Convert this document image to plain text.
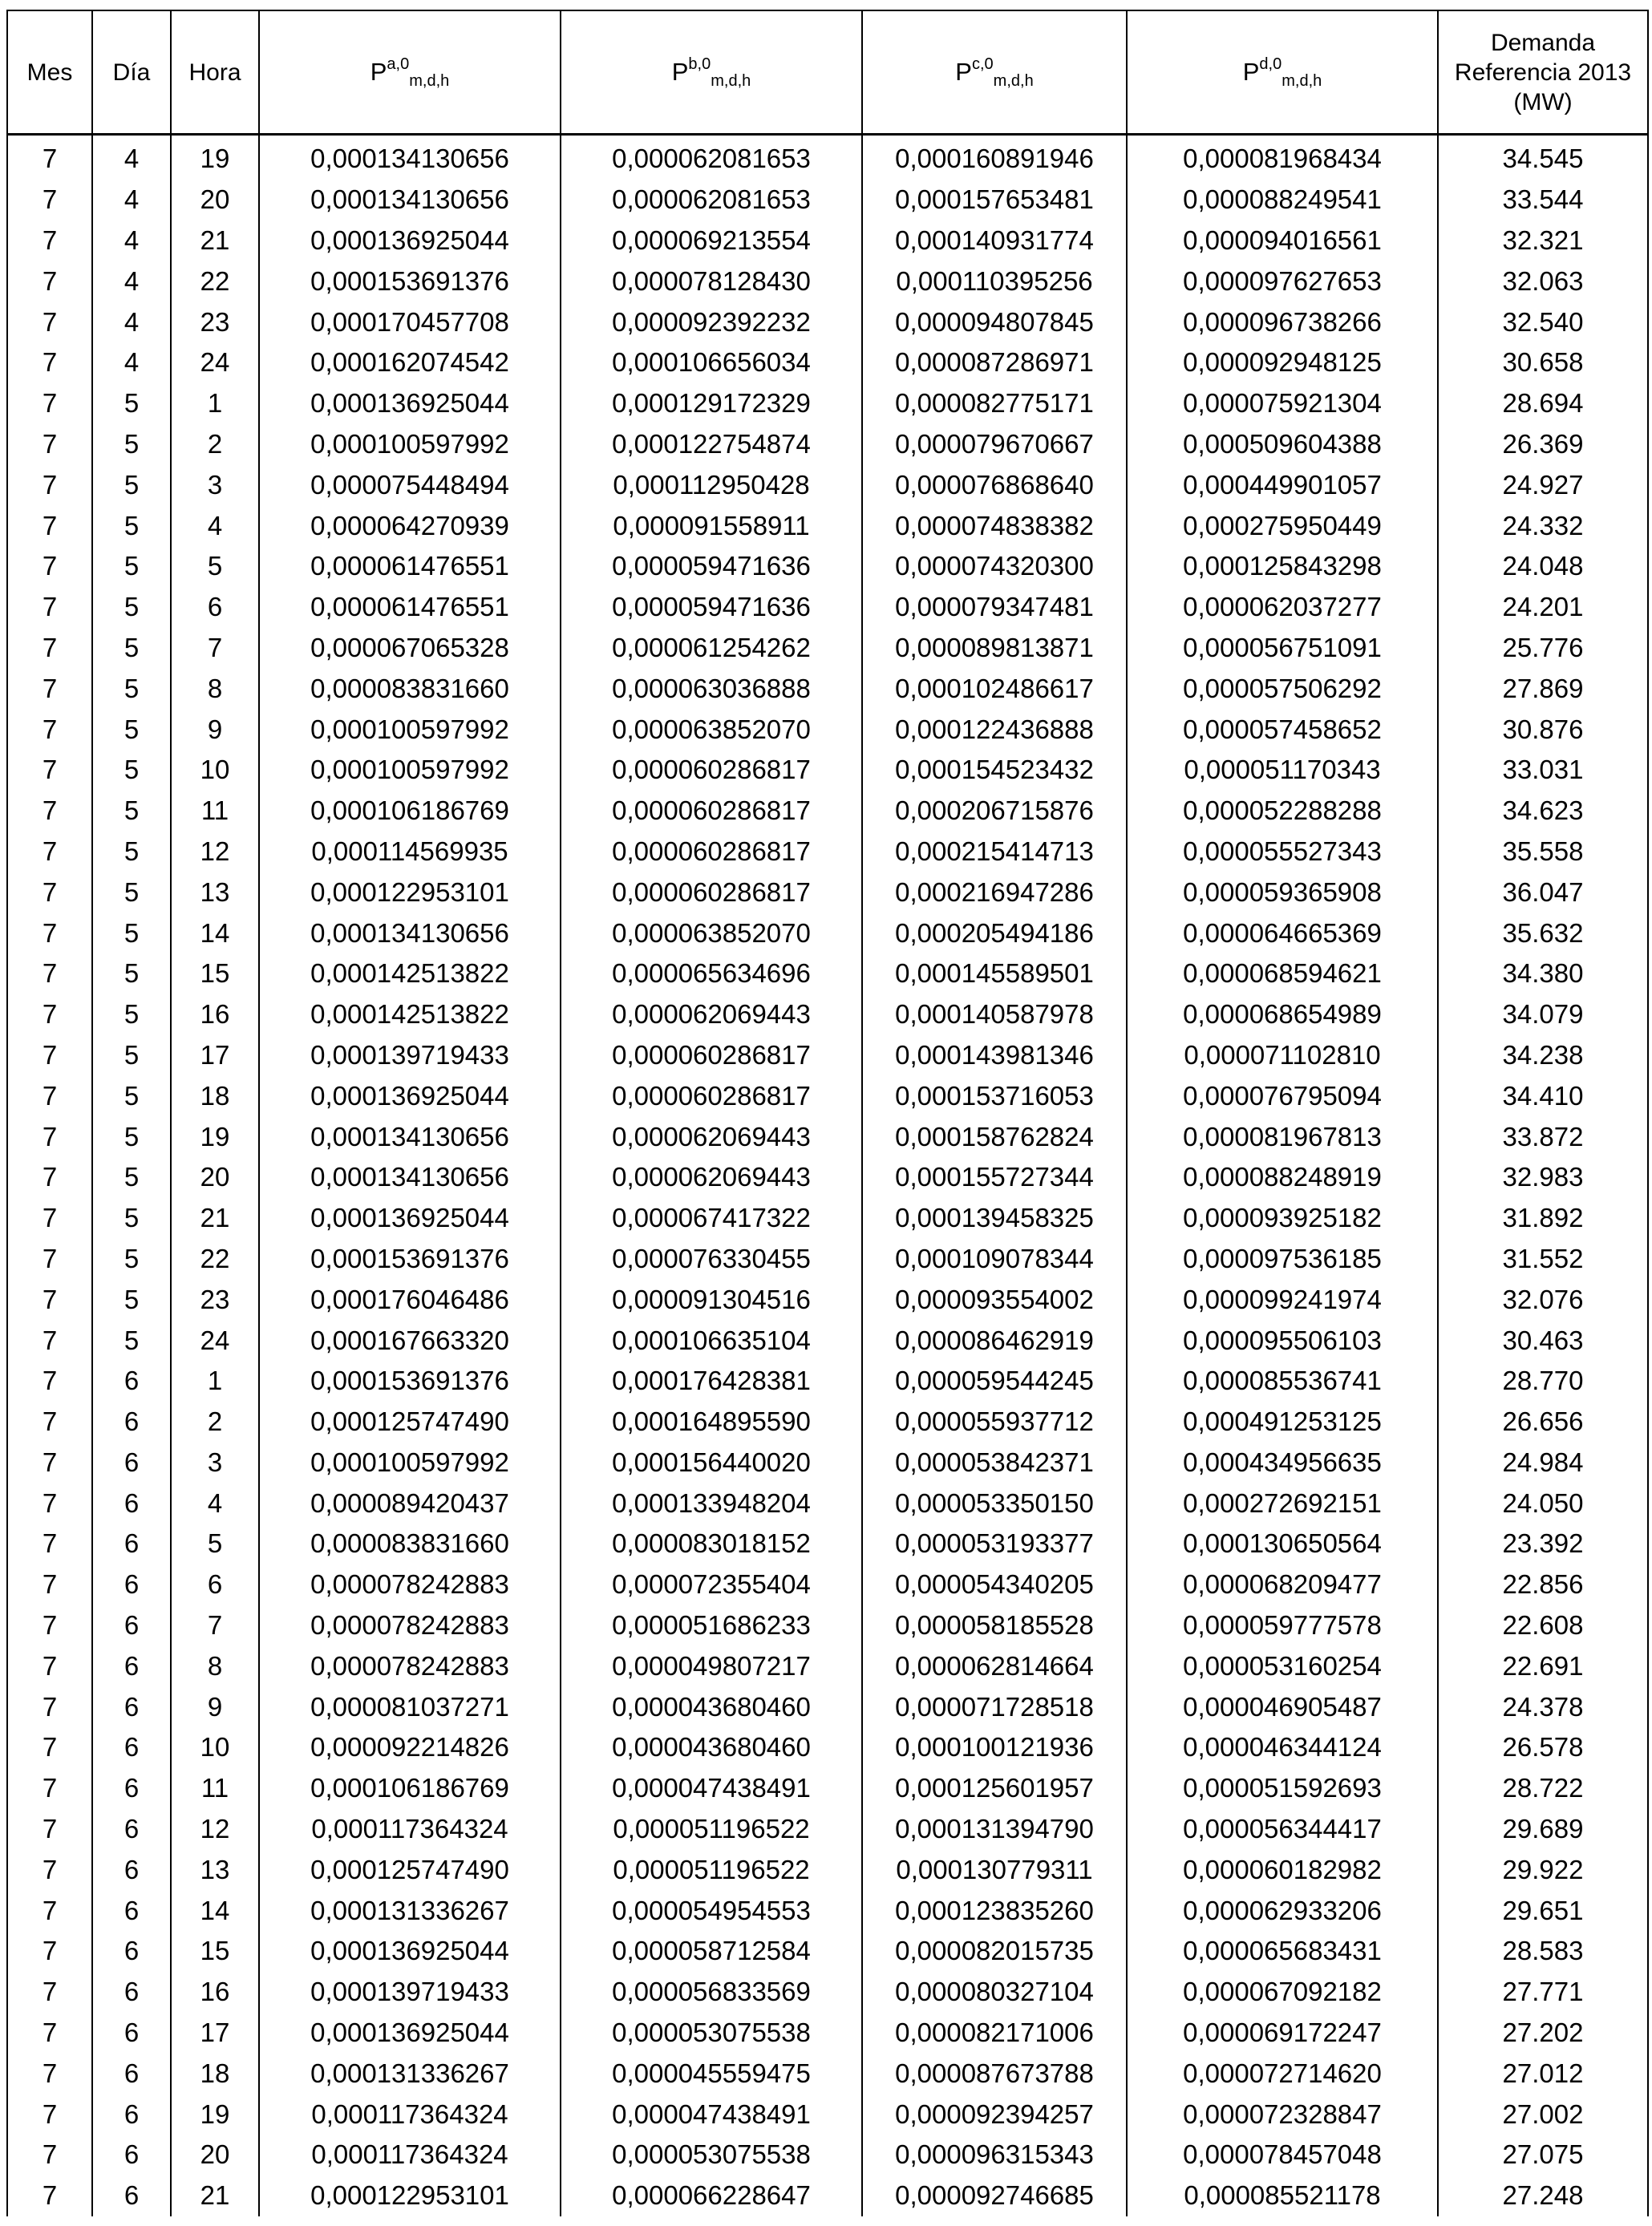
Mes	Día	Hora	P$^{a,0}_{m,d,h}$	P$^{b,0}_{m,d,h}$	P$^{c,0}_{m,d,h}$	P$^{d,0}_{m,d,h}$	Demanda
Referencia 2013
(MW)

7	4	19	0,000134130656	0,000062081653	0,000160891946	0,000081968434	34.545
7	4	20	0,000134130656	0,000062081653	0,000157653481	0,000088249541	33.544
7	4	21	0,000136925044	0,000069213554	0,000140931774	0,000094016561	32.321
7	4	22	0,000153691376	0,000078128430	0,000110395256	0,000097627653	32.063
7	4	23	0,000170457708	0,000092392232	0,000094807845	0,000096738266	32.540
7	4	24	0,000162074542	0,000106656034	0,000087286971	0,000092948125	30.658
7	5	1	0,000136925044	0,000129172329	0,000082775171	0,000075921304	28.694
7	5	2	0,000100597992	0,000122754874	0,000079670667	0,000509604388	26.369
7	5	3	0,000075448494	0,000112950428	0,000076868640	0,000449901057	24.927
7	5	4	0,000064270939	0,000091558911	0,000074838382	0,000275950449	24.332
7	5	5	0,000061476551	0,000059471636	0,000074320300	0,000125843298	24.048
7	5	6	0,000061476551	0,000059471636	0,000079347481	0,000062037277	24.201
7	5	7	0,000067065328	0,000061254262	0,000089813871	0,000056751091	25.776
7	5	8	0,000083831660	0,000063036888	0,000102486617	0,000057506292	27.869
7	5	9	0,000100597992	0,000063852070	0,000122436888	0,000057458652	30.876
7	5	10	0,000100597992	0,000060286817	0,000154523432	0,000051170343	33.031
7	5	11	0,000106186769	0,000060286817	0,000206715876	0,000052288288	34.623
7	5	12	0,000114569935	0,000060286817	0,000215414713	0,000055527343	35.558
7	5	13	0,000122953101	0,000060286817	0,000216947286	0,000059365908	36.047
7	5	14	0,000134130656	0,000063852070	0,000205494186	0,000064665369	35.632
7	5	15	0,000142513822	0,000065634696	0,000145589501	0,000068594621	34.380
7	5	16	0,000142513822	0,000062069443	0,000140587978	0,000068654989	34.079
7	5	17	0,000139719433	0,000060286817	0,000143981346	0,000071102810	34.238
7	5	18	0,000136925044	0,000060286817	0,000153716053	0,000076795094	34.410
7	5	19	0,000134130656	0,000062069443	0,000158762824	0,000081967813	33.872
7	5	20	0,000134130656	0,000062069443	0,000155727344	0,000088248919	32.983
7	5	21	0,000136925044	0,000067417322	0,000139458325	0,000093925182	31.892
7	5	22	0,000153691376	0,000076330455	0,000109078344	0,000097536185	31.552
7	5	23	0,000176046486	0,000091304516	0,000093554002	0,000099241974	32.076
7	5	24	0,000167663320	0,000106635104	0,000086462919	0,000095506103	30.463
7	6	1	0,000153691376	0,000176428381	0,000059544245	0,000085536741	28.770
7	6	2	0,000125747490	0,000164895590	0,000055937712	0,000491253125	26.656
7	6	3	0,000100597992	0,000156440020	0,000053842371	0,000434956635	24.984
7	6	4	0,000089420437	0,000133948204	0,000053350150	0,000272692151	24.050
7	6	5	0,000083831660	0,000083018152	0,000053193377	0,000130650564	23.392
7	6	6	0,000078242883	0,000072355404	0,000054340205	0,000068209477	22.856
7	6	7	0,000078242883	0,000051686233	0,000058185528	0,000059777578	22.608
7	6	8	0,000078242883	0,000049807217	0,000062814664	0,000053160254	22.691
7	6	9	0,000081037271	0,000043680460	0,000071728518	0,000046905487	24.378
7	6	10	0,000092214826	0,000043680460	0,000100121936	0,000046344124	26.578
7	6	11	0,000106186769	0,000047438491	0,000125601957	0,000051592693	28.722
7	6	12	0,000117364324	0,000051196522	0,000131394790	0,000056344417	29.689
7	6	13	0,000125747490	0,000051196522	0,000130779311	0,000060182982	29.922
7	6	14	0,000131336267	0,000054954553	0,000123835260	0,000062933206	29.651
7	6	15	0,000136925044	0,000058712584	0,000082015735	0,000065683431	28.583
7	6	16	0,000139719433	0,000056833569	0,000080327104	0,000067092182	27.771
7	6	17	0,000136925044	0,000053075538	0,000082171006	0,000069172247	27.202
7	6	18	0,000131336267	0,000045559475	0,000087673788	0,000072714620	27.012
7	6	19	0,000117364324	0,000047438491	0,000092394257	0,000072328847	27.002
7	6	20	0,000117364324	0,000053075538	0,000096315343	0,000078457048	27.075
7	6	21	0,000122953101	0,000066228647	0,000092746685	0,000085521178	27.248
